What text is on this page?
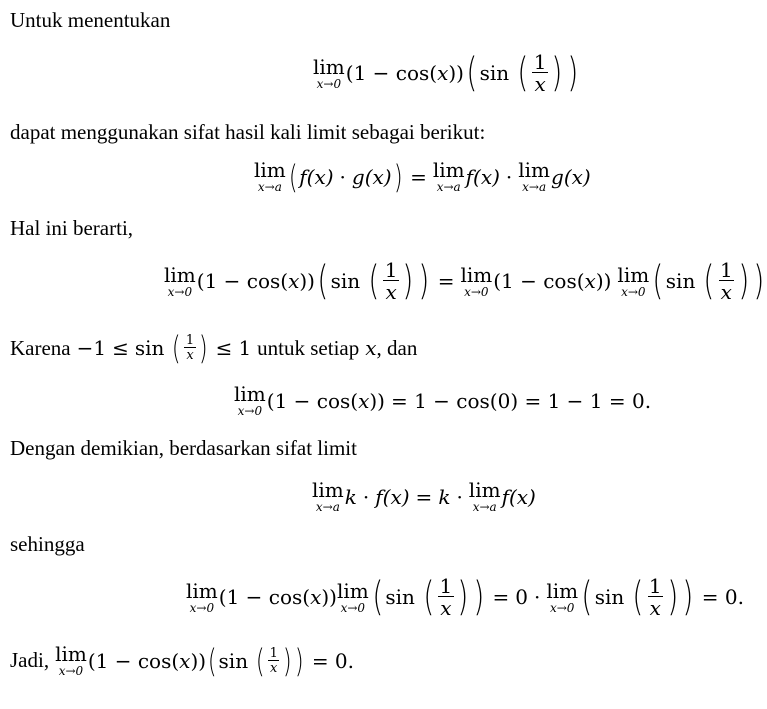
Untuk menentukan
lim
x→0 (1 − cos( x )) ( sin ( $\frac{1}{x}$ ) )
dapat menggunakan sifat hasil kali limit sebagai berikut:
lim
x→a ( f(x) · g(x) ) = lim
x→a f(x) · lim
x→a g(x)
Hal ini berarti,
lim
x→0 (1 − cos( x )) ( sin ( $\frac{1}{x}$ ) ) = lim
x→0 (1 − cos( x )) lim
x→0 ( sin ( $\frac{1}{x}$ ) )
Karena −1 ≤ sin ( $\frac{1}{x}$ ) ≤ 1 untuk setiap x , dan
lim
x→0 (1 − cos( x )) = 1 − cos(0) = 1 − 1 = 0.
Dengan demikian, berdasarkan sifat limit
lim
x→a k · f(x) = k · lim
x→a f(x)
sehingga
lim
x→0 (1 − cos( x )) lim
x→0 ( sin ( $\frac{1}{x}$ ) ) = 0 · lim
x→0 ( sin ( $\frac{1}{x}$ ) ) = 0.
Jadi, lim
x→0 (1 − cos( x )) ( sin ( $\frac{1}{x}$ ) ) = 0.
